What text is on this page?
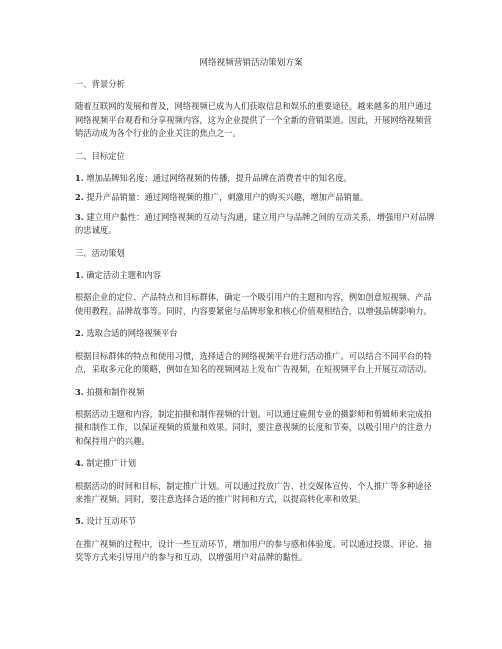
网络视频营销活动策划方案

一、背景分析

随着互联网的发展和普及，网络视频已成为人们获取信息和娱乐的重要途径。越来越多的用户通过网络视频平台观看和分享视频内容，这为企业提供了一个全新的营销渠道。因此，开展网络视频营销活动成为各个行业的企业关注的焦点之一。

二、目标定位

1. 增加品牌知名度：通过网络视频的传播，提升品牌在消费者中的知名度。

2. 提升产品销量：通过网络视频的推广，刺激用户的购买兴趣，增加产品销量。

3. 建立用户黏性：通过网络视频的互动与沟通，建立用户与品牌之间的互动关系，增强用户对品牌的忠诚度。

三、活动策划

1. 确定活动主题和内容

根据企业的定位、产品特点和目标群体，确定一个吸引用户的主题和内容，例如创意短视频、产品使用教程、品牌故事等。同时，内容要紧密与品牌形象和核心价值观相结合，以增强品牌影响力。

2. 选取合适的网络视频平台

根据目标群体的特点和使用习惯，选择适合的网络视频平台进行活动推广。可以结合不同平台的特点，采取多元化的策略，例如在知名的视频网站上发布广告视频，在短视频平台上开展互动活动。

3. 拍摄和制作视频

根据活动主题和内容，制定拍摄和制作视频的计划。可以通过雇佣专业的摄影师和剪辑师来完成拍摄和制作工作，以保证视频的质量和效果。同时，要注意视频的长度和节奏，以吸引用户的注意力和保持用户的兴趣。

4. 制定推广计划

根据活动的时间和目标，制定推广计划。可以通过投放广告、社交媒体宣传、个人推广等多种途径来推广视频。同时，要注意选择合适的推广时间和方式，以提高转化率和效果。

5. 设计互动环节

在推广视频的过程中，设计一些互动环节，增加用户的参与感和体验度。可以通过投票、评论、抽奖等方式来引导用户的参与和互动，以增强用户对品牌的黏性。
